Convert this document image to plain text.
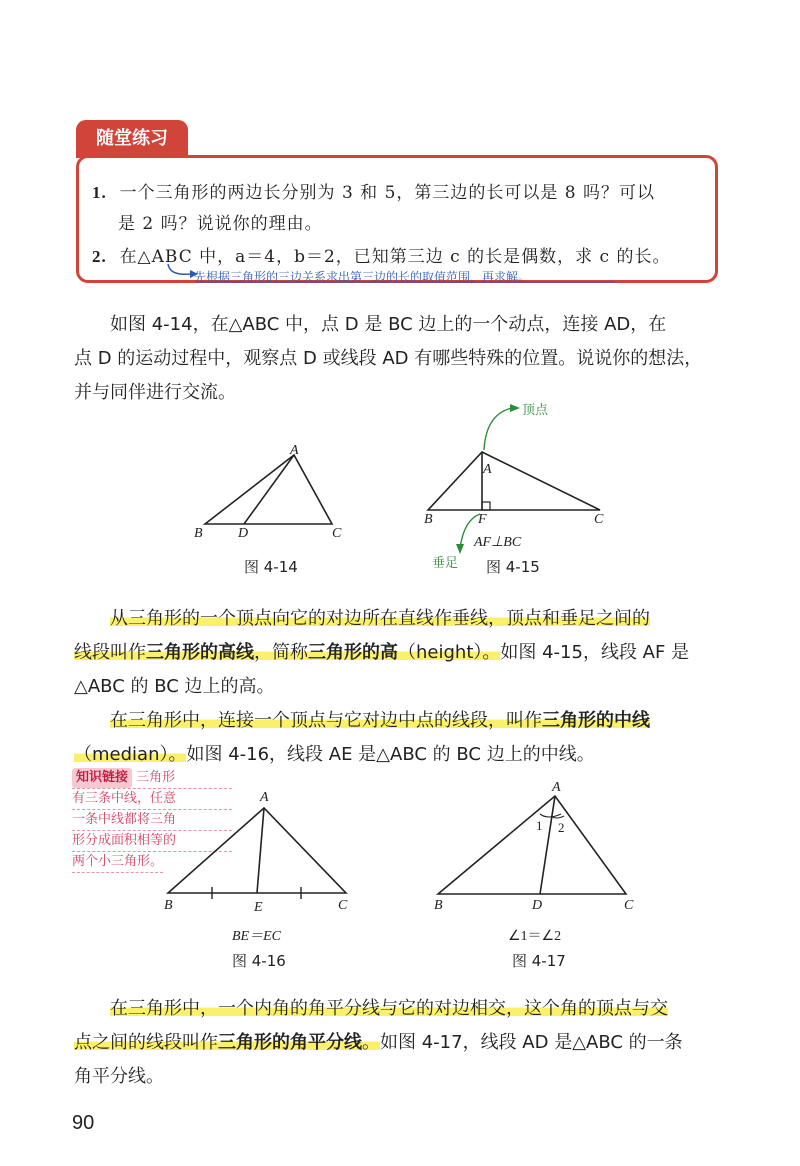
随堂练习
1. 一个三角形的两边长分别为 3 和 5，第三边的长可以是 8 吗？可以
是 2 吗？说说你的理由。
2. 在△ABC 中，a＝4，b＝2，已知第三边 c 的长是偶数，求 c 的长。
先根据三角形的三边关系求出第三边的长的取值范围，再求解。
如图 4-14，在△ABC 中，点 D 是 BC 边上的一个动点，连接 AD，在
点 D 的运动过程中，观察点 D 或线段 AD 有哪些特殊的位置。说说你的想法，
并与同伴进行交流。
A
B	D	C
图 4-14
顶点
A
B	F	C
AF⊥BC
垂足 图 4-15
从三角形的一个顶点向它的对边所在直线作垂线，顶点和垂足之间的
线段叫作三角形的高线，简称三角形的高（height）。如图 4-15，线段 AF 是
△ABC 的 BC 边上的高。
在三角形中，连接一个顶点与它对边中点的线段，叫作三角形的中线
（median）。如图 4-16，线段 AE 是△ABC 的 BC 边上的中线。
知识链接 三角形
有三条中线，任意
一条中线都将三角
形分成面积相等的
两个小三角形。
A
B	E	C
BE＝EC
图 4-16
A
1 2
B	D	C
∠1＝∠2
图 4-17
在三角形中，一个内角的角平分线与它的对边相交，这个角的顶点与交
点之间的线段叫作三角形的角平分线。如图 4-17，线段 AD 是△ABC 的一条
角平分线。
90
